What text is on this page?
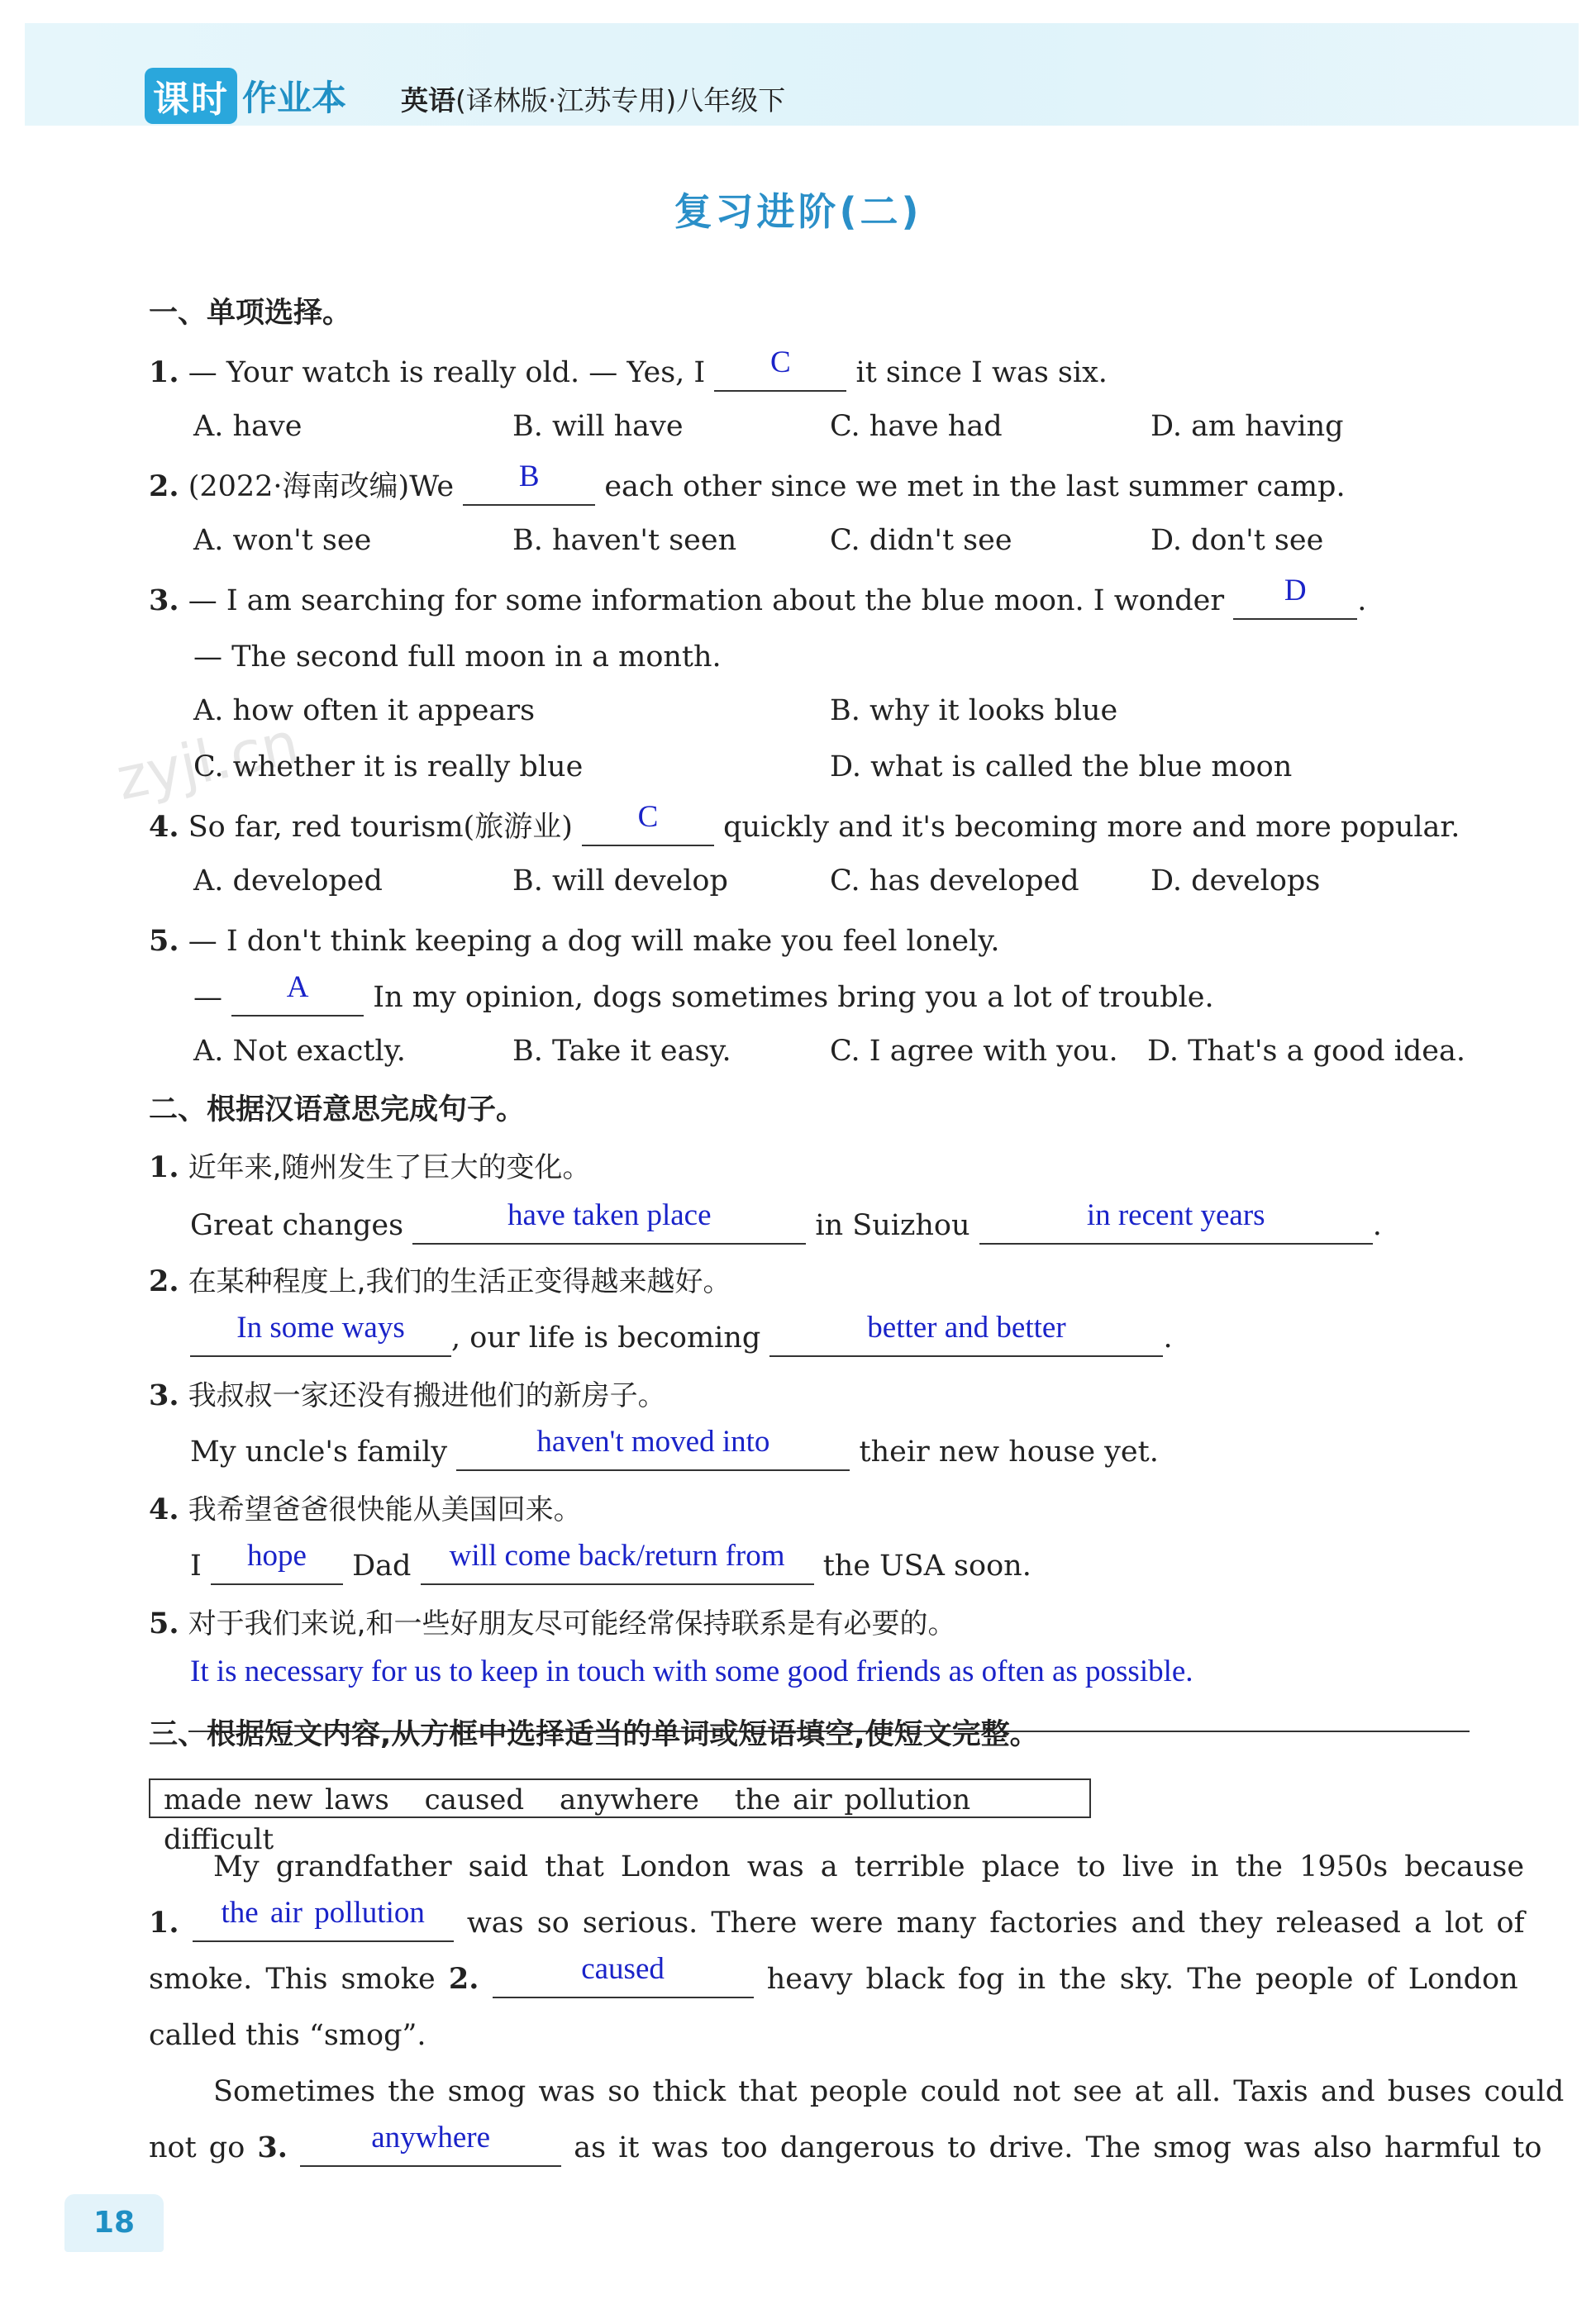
课时 作业本 英语(译林版·江苏专用)八年级下
复习进阶(二)
zyjl.cn
一、单项选择。
1. — Your watch is really old. — Yes, I	C	it since I was six.
A. have	B. will have	C. have had	D. am having
2. (2022·海南改编)We	B	each other since we met in the last summer camp.
A. won't see	B. haven't seen	C. didn't see	D. don't see
3. — I am searching for some information about the blue moon. I wonder	D	.
— The second full moon in a month.
A. how often it appears	B. why it looks blue
C. whether it is really blue	D. what is called the blue moon
4. So far, red tourism(旅游业)	C	quickly and it's becoming more and more popular.
A. developed	B. will develop	C. has developed D. develops
5. — I don't think keeping a dog will make you feel lonely.
—	A	In my opinion, dogs sometimes bring you a lot of trouble.
A. Not exactly.	B. Take it easy.	C. I agree with you. D. That's a good idea.
二、根据汉语意思完成句子。
1. 近年来,随州发生了巨大的变化。
Great changes	have taken place	in Suizhou	in recent years	.
2. 在某种程度上,我们的生活正变得越来越好。
In some ways	, our life is becoming	better and better	.
3. 我叔叔一家还没有搬进他们的新房子。
My uncle's family	haven't moved into	their new house yet.
4. 我希望爸爸很快能从美国回来。
I	hope	Dad	will come back/return from	the USA soon.
5. 对于我们来说,和一些好朋友尽可能经常保持联系是有必要的。
It is necessary for us to keep in touch with some good friends as often as possible.
三、根据短文内容,从方框中选择适当的单词或短语填空,使短文完整。
made new laws caused anywhere the air pollution difficult
My grandfather said that London was a terrible place to live in the 1950s because
1.	the air pollution	was so serious. There were many factories and they released a lot of
smoke. This smoke 2.	caused	heavy black fog in the sky. The people of London
called this “smog”.
Sometimes the smog was so thick that people could not see at all. Taxis and buses could
not go 3.	anywhere	as it was too dangerous to drive. The smog was also harmful to
18
